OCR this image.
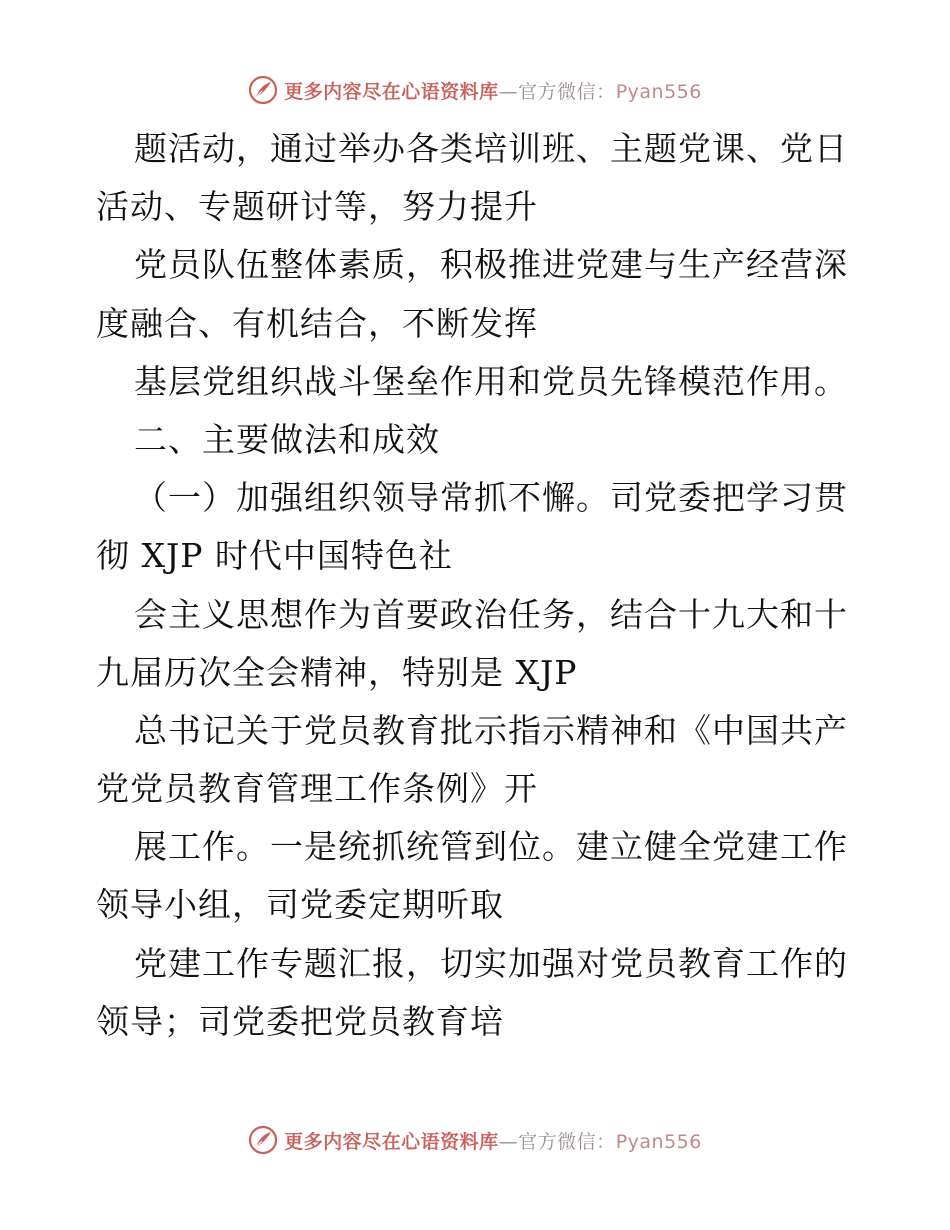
更多内容尽在心语资料库—官方微信：Pyan556
题活动，通过举办各类培训班、主题党课、党日
活动、专题研讨等，努力提升
党员队伍整体素质，积极推进党建与生产经营深
度融合、有机结合，不断发挥
基层党组织战斗堡垒作用和党员先锋模范作用。
二、主要做法和成效
（一）加强组织领导常抓不懈。司党委把学习贯
彻 XJP 时代中国特色社
会主义思想作为首要政治任务，结合十九大和十
九届历次全会精神，特别是 XJP
总书记关于党员教育批示指示精神和《中国共产
党党员教育管理工作条例》开
展工作。一是统抓统管到位。建立健全党建工作
领导小组，司党委定期听取
党建工作专题汇报，切实加强对党员教育工作的
领导；司党委把党员教育培
更多内容尽在心语资料库—官方微信：Pyan556
